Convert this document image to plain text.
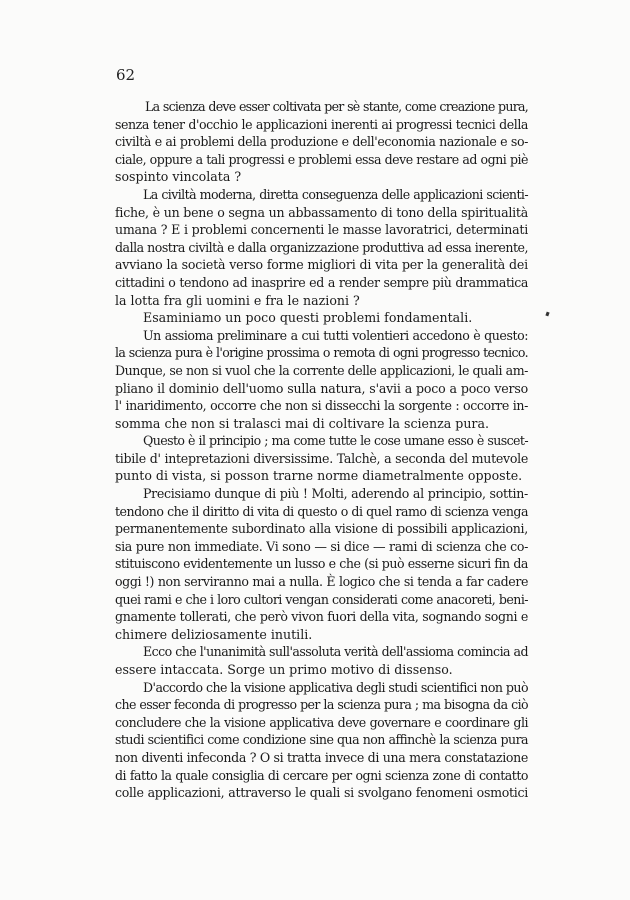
62

La scienza deve esser coltivata per sè stante, come creazione pura,

senza tener d'occhio le applicazioni inerenti ai progressi tecnici della

civiltà e ai problemi della produzione e dell'economia nazionale e so-

ciale, oppure a tali progressi e problemi essa deve restare ad ogni piè

sospinto vincolata ?

La civiltà moderna, diretta conseguenza delle applicazioni scienti-

fiche, è un bene o segna un abbassamento di tono della spiritualità

umana ? E i problemi concernenti le masse lavoratrici, determinati

dalla nostra civiltà e dalla organizzazione produttiva ad essa inerente,

avviano la società verso forme migliori di vita per la generalità dei

cittadini o tendono ad inasprire ed a render sempre più drammatica

la lotta fra gli uomini e fra le nazioni ?

Esaminiamo un poco questi problemi fondamentali.

Un assioma preliminare a cui tutti volentieri accedono è questo:

la scienza pura è l'origine prossima o remota di ogni progresso tecnico.

Dunque, se non si vuol che la corrente delle applicazioni, le quali am-

pliano il dominio dell'uomo sulla natura, s'avii a poco a poco verso

l' inaridimento, occorre che non si dissecchi la sorgente : occorre in-

somma che non si tralasci mai di coltivare la scienza pura.

Questo è il principio ; ma come tutte le cose umane esso è suscet-

tibile d' intepretazioni diversissime. Talchè, a seconda del mutevole

punto di vista, si posson trarne norme diametralmente opposte.

Precisiamo dunque di più ! Molti, aderendo al principio, sottin-

tendono che il diritto di vita di questo o di quel ramo di scienza venga

permanentemente subordinato alla visione di possibili applicazioni,

sia pure non immediate. Vi sono — si dice — rami di scienza che co-

stituiscono evidentemente un lusso e che (si può esserne sicuri fin da

oggi !) non serviranno mai a nulla. È logico che si tenda a far cadere

quei rami e che i loro cultori vengan considerati come anacoreti, beni-

gnamente tollerati, che però vivon fuori della vita, sognando sogni e

chimere deliziosamente inutili.

Ecco che l'unanimità sull'assoluta verità dell'assioma comincia ad

essere intaccata. Sorge un primo motivo di dissenso.

D'accordo che la visione applicativa degli studi scientifici non può

che esser feconda di progresso per la scienza pura ; ma bisogna da ciò

concludere che la visione applicativa deve governare e coordinare gli

studi scientifici come condizione sine qua non affinchè la scienza pura

non diventi infeconda ? O si tratta invece di una mera constatazione

di fatto la quale consiglia di cercare per ogni scienza zone di contatto

colle applicazioni, attraverso le quali si svolgano fenomeni osmotici
